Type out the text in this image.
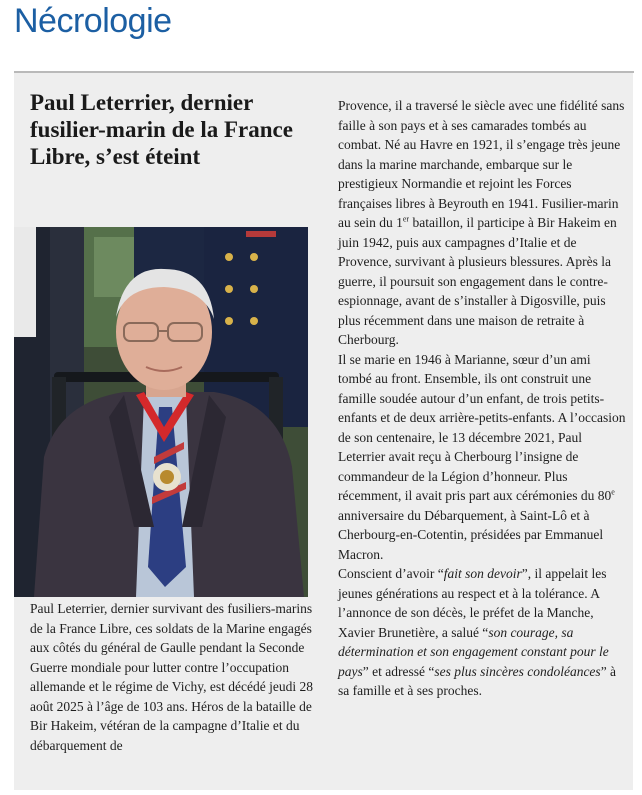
Nécrologie
Paul Leterrier, dernier fusilier-marin de la France Libre, s’est éteint
Paul Leterrier, dernier survivant des fusiliers-marins de la France Libre, ces soldats de la Marine engagés aux côtés du général de Gaulle pendant la Seconde Guerre mondiale pour lutter contre l’occupation allemande et le régime de Vichy, est décédé jeudi 28 août 2025 à l’âge de 103 ans. Héros de la bataille de Bir Hakeim, vétéran de la campagne d’Italie et du débarquement de

Provence, il a traversé le siècle avec une fidélité sans faille à son pays et à ses camarades tombés au combat. Né au Havre en 1921, il s’engage très jeune dans la marine marchande, embarque sur le prestigieux Normandie et rejoint les Forces françaises libres à Beyrouth en 1941. Fusilier-marin au sein du 1er bataillon, il participe à Bir Hakeim en juin 1942, puis aux campagnes d’Italie et de Provence, survivant à plusieurs blessures. Après la guerre, il poursuit son engagement dans le contre-espionnage, avant de s’installer à Digosville, puis plus récemment dans une maison de retraite à Cherbourg.

Il se marie en 1946 à Marianne, sœur d’un ami tombé au front. Ensemble, ils ont construit une famille soudée autour d’un enfant, de trois petits-enfants et de deux arrière-petits-enfants. A l’occasion de son centenaire, le 13 décembre 2021, Paul Leterrier avait reçu à Cherbourg l’insigne de commandeur de la Légion d’honneur. Plus récemment, il avait pris part aux cérémonies du 80e anniversaire du Débarquement, à Saint-Lô et à Cherbourg-en-Cotentin, présidées par Emmanuel Macron.

Conscient d’avoir “fait son devoir”, il appelait les jeunes générations au respect et à la tolérance. A l’annonce de son décès, le préfet de la Manche, Xavier Brunetière, a salué “son courage, sa détermination et son engagement constant pour le pays” et adressé “ses plus sincères condoléances” à sa famille et à ses proches.
